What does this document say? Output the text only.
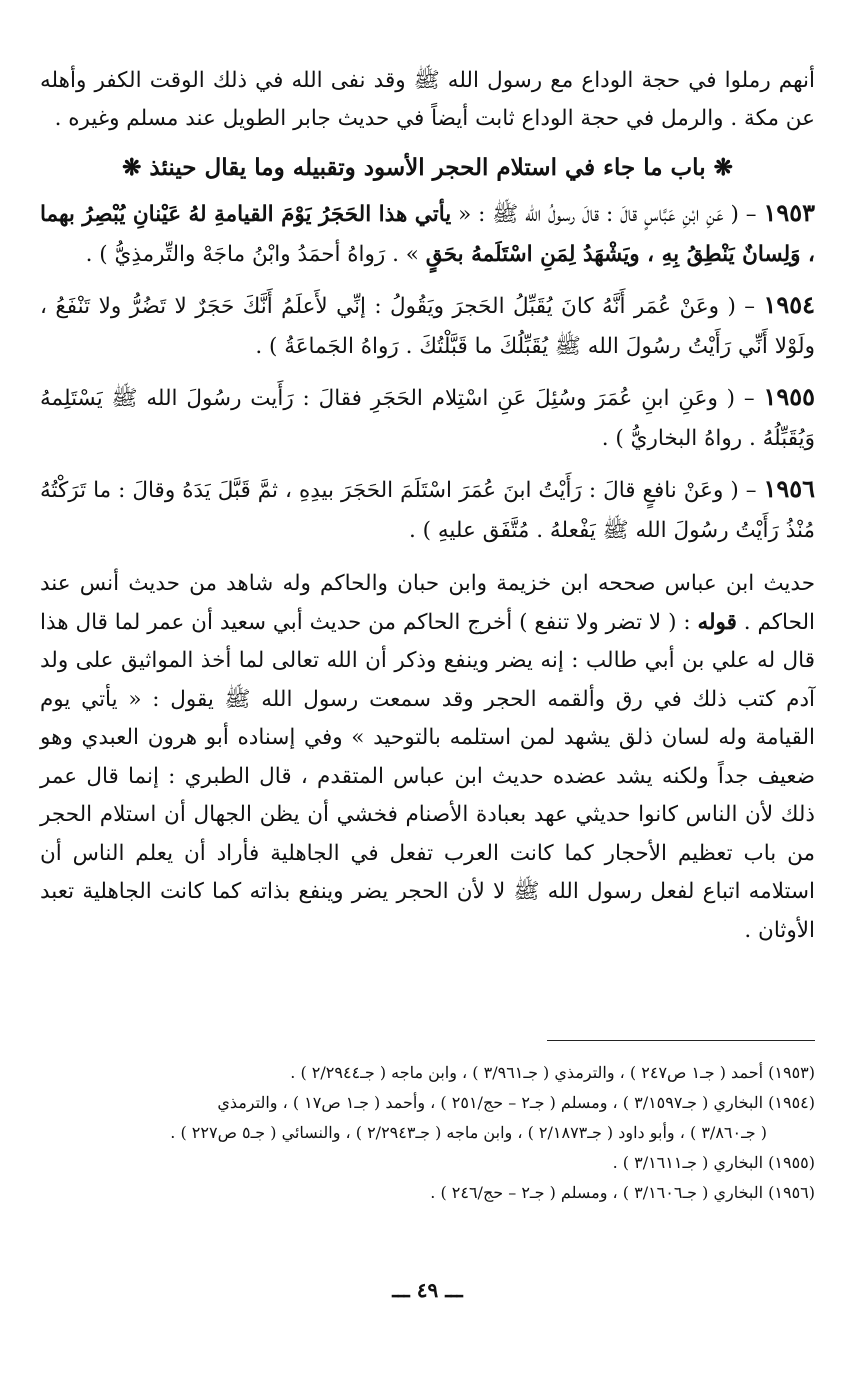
أنهم رملوا في حجة الوداع مع رسول الله ﷺ وقد نفى الله في ذلك الوقت الكفر وأهله عن مكة . والرمل في حجة الوداع ثابت أيضاً في حديث جابر الطويل عند مسلم وغيره .

❋ باب ما جاء في استلام الحجر الأسود وتقبيله وما يقال حينئذ ❋

١٩٥٣ – ( عَنِ ابْنِ عَبَّاسٍ قالَ : قالَ رسولُ الله ﷺ : « يأتي هذا الحَجَرُ يَوْمَ القيامةِ لهُ عَيْنانِ يُبْصِرُ بهما ، وَلِسانٌ يَنْطِقُ بِهِ ، ويَشْهَدُ لِمَنِ اسْتَلَمهُ بحَقٍ » . رَواهُ أحمَدُ وابْنُ ماجَهْ والتِّرمذِيُّ ) .

١٩٥٤ – ( وعَنْ عُمَر أَنَّهُ كانَ يُقَبِّلُ الحَجرَ ويَقُولُ : إنِّي لأَعلَمُ أَنَّكَ حَجَرٌ لا تَضُرُّ ولا تَنْفَعُ ، ولَوْلا أَنِّي رَأَيْتُ رسُولَ الله ﷺ يُقَبِّلُكَ ما قَبَّلْتُكَ . رَواهُ الجَماعَةُ ) .

١٩٥٥ – ( وعَنِ ابنِ عُمَرَ وسُئِلَ عَنِ اسْتِلام الحَجَرِ فقالَ : رَأَيت رسُولَ الله ﷺ يَسْتَلِمهُ وَيُقَبِّلُهُ . رواهُ البخاريُّ ) .

١٩٥٦ – ( وعَنْ نافعٍ قالَ : رَأَيْتُ ابنَ عُمَرَ اسْتَلَمَ الحَجَرَ بيدِهِ ، ثمَّ قَبَّلَ يَدَهُ وقالَ : ما تَرَكْتُهُ مُنْذُ رَأَيْتُ رسُولَ الله ﷺ يَفْعلهُ . مُتَّفَق عليهِ ) .

حديث ابن عباس صححه ابن خزيمة وابن حبان والحاكم وله شاهد من حديث أنس عند الحاكم . قوله : ( لا تضر ولا تنفع ) أخرج الحاكم من حديث أبي سعيد أن عمر لما قال هذا قال له علي بن أبي طالب : إنه يضر وينفع وذكر أن الله تعالى لما أخذ المواثيق على ولد آدم كتب ذلك في رق وألقمه الحجر وقد سمعت رسول الله ﷺ يقول : « يأتي يوم القيامة وله لسان ذلق يشهد لمن استلمه بالتوحيد » وفي إسناده أبو هرون العبدي وهو ضعيف جداً ولكنه يشد عضده حديث ابن عباس المتقدم ، قال الطبري : إنما قال عمر ذلك لأن الناس كانوا حديثي عهد بعبادة الأصنام فخشي أن يظن الجهال أن استلام الحجر من باب تعظيم الأحجار كما كانت العرب تفعل في الجاهلية فأراد أن يعلم الناس أن استلامه اتباع لفعل رسول الله ﷺ لا لأن الحجر يضر وينفع بذاته كما كانت الجاهلية تعبد الأوثان .

(١٩٥٣) أحمد ( جـ١ ص٢٤٧ ) ، والترمذي ( جـ٣/٩٦١ ) ، وابن ماجه ( جـ٢/٢٩٤٤ ) .

(١٩٥٤) البخاري ( جـ٣/١٥٩٧ ) ، ومسلم ( جـ٢ – حج/٢٥١ ) ، وأحمد ( جـ١ ص١٧ ) ، والترمذي
( جـ٣/٨٦٠ ) ، وأبو داود ( جـ٢/١٨٧٣ ) ، وابن ماجه ( جـ٢/٢٩٤٣ ) ، والنسائي ( جـ٥ ص٢٢٧ ) .

(١٩٥٥) البخاري ( جـ٣/١٦١١ ) .

(١٩٥٦) البخاري ( جـ٣/١٦٠٦ ) ، ومسلم ( جـ٢ – حج/٢٤٦ ) .

ـــ ٤٩ ـــ
